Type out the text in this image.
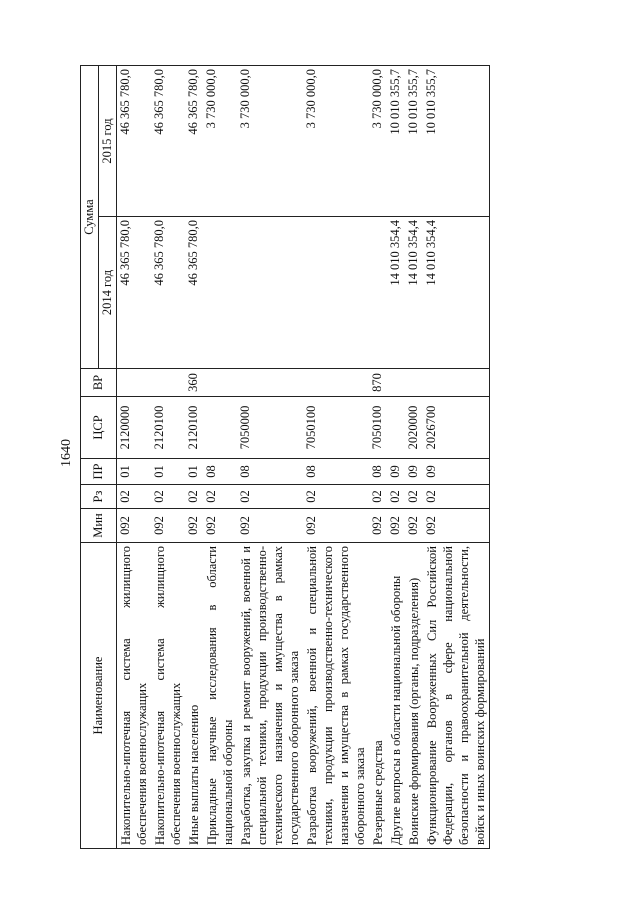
1640
Наименование	Мин	Рз	ПР	ЦСР	ВР	Сумма	
						2014 год	2015 год
Накопительно-ипотечная система жилищного обеспечения военнослужащих	092	02	01	2120000		46 365 780,0	46 365 780,0
Накопительно-ипотечная система жилищного обеспечения военнослужащих	092	02	01	2120100		46 365 780,0	46 365 780,0
Иные выплаты населению	092	02	01	2120100	360	46 365 780,0	46 365 780,0
Прикладные научные исследования в области национальной обороны	092	02	08				3 730 000,0
Разработка, закупка и ремонт вооружений, военной и специальной техники, продукции производственно-технического назначения и имущества в рамках государственного оборонного заказа	092	02	08	7050000			3 730 000,0
Разработка вооружений, военной и специальной техники, продукции производственно-технического назначения и имущества в рамках государственного оборонного заказа	092	02	08	7050100			3 730 000,0
Резервные средства	092	02	08	7050100	870		3 730 000,0
Другие вопросы в области национальной обороны	092	02	09			14 010 354,4	10 010 355,7
Воинские формирования (органы, подразделения)	092	02	09	2020000		14 010 354,4	10 010 355,7
Функционирование Вооруженных Сил Российской Федерации, органов в сфере национальной безопасности и правоохранительной деятельности, войск и иных воинских формирований	092	02	09	2026700		14 010 354,4	10 010 355,7
